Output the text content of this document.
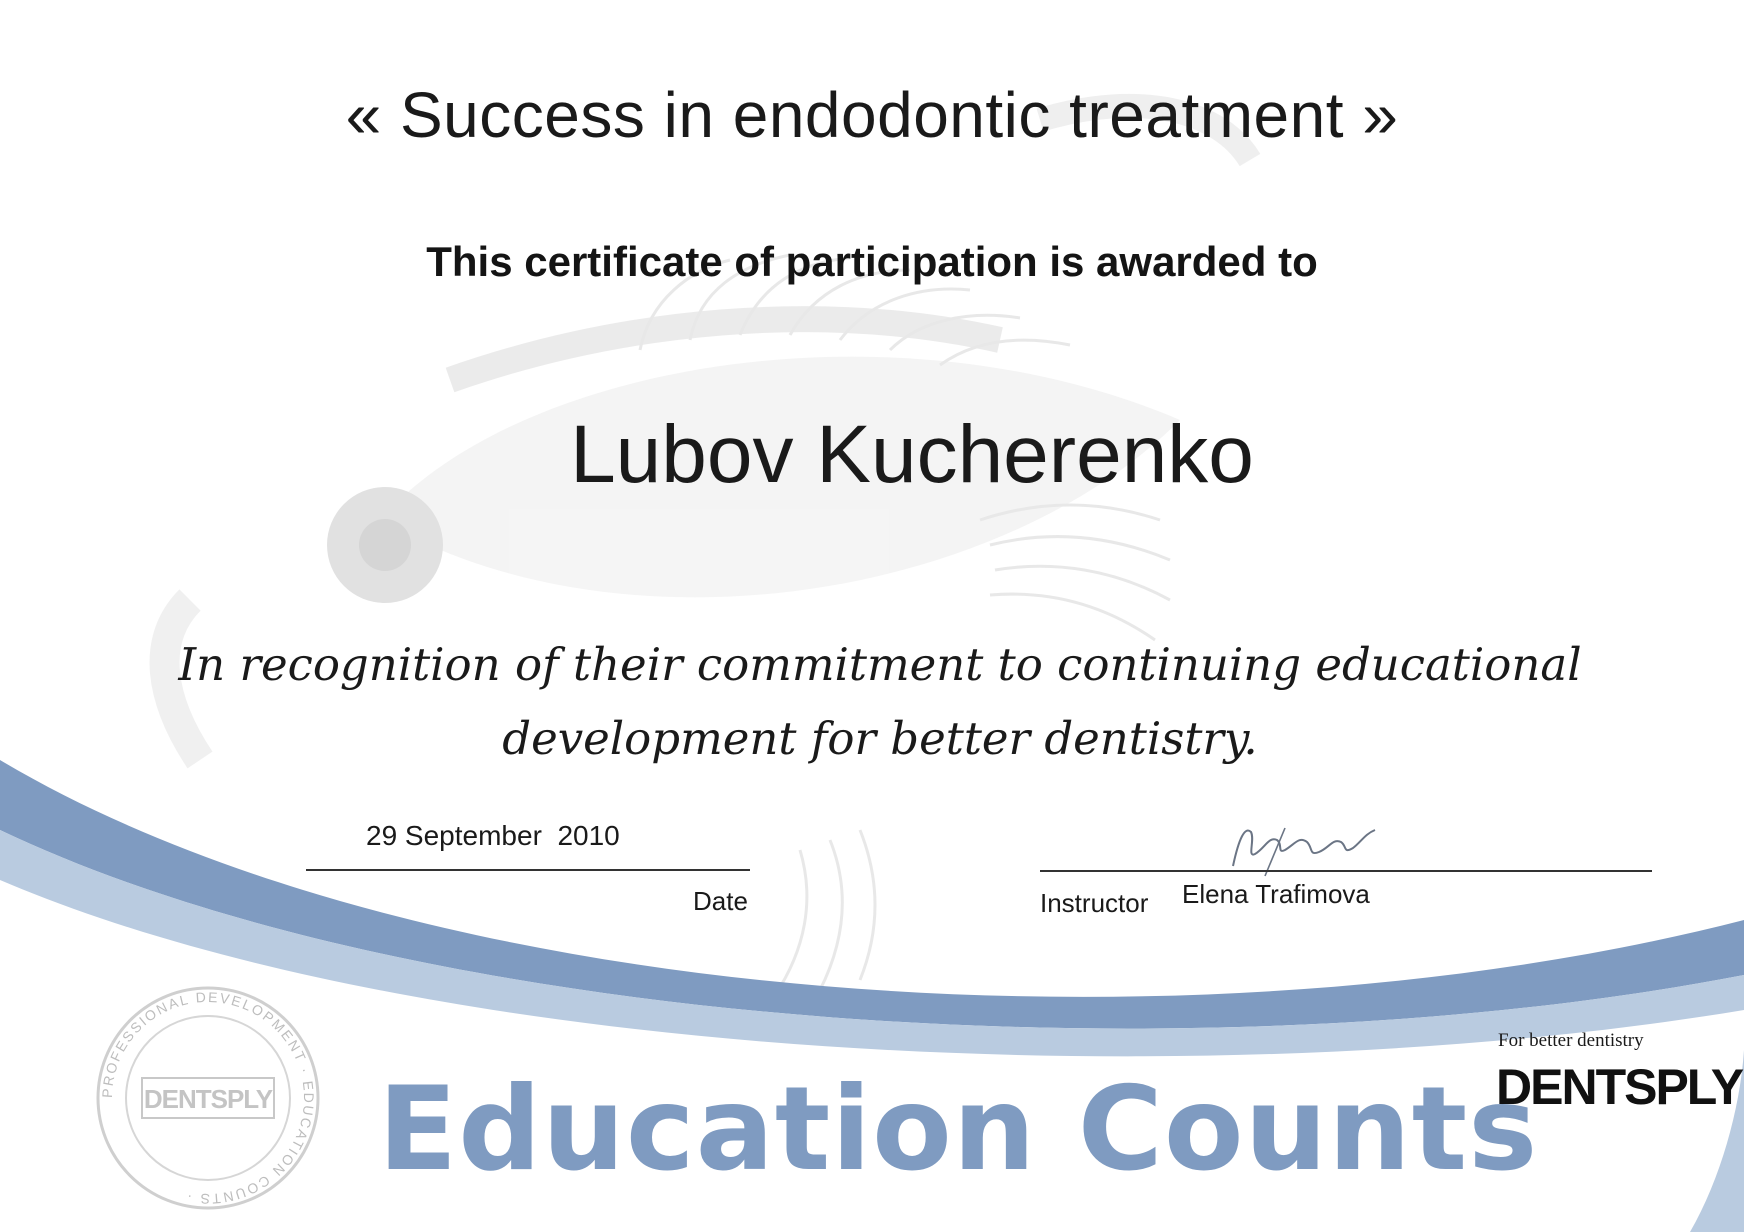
« Success in endodontic treatment »
This certificate of participation is awarded to
Lubov Kucherenko
In recognition of their commitment to continuing educational
development for better dentistry.
29 September  2010
Date	Instructor Elena Trafimova
PROFESSIONAL DEVELOPMENT · EDUCATION COUNTS ·
DENTSPLY Education Counts
For better dentistry
DENTSPLY
